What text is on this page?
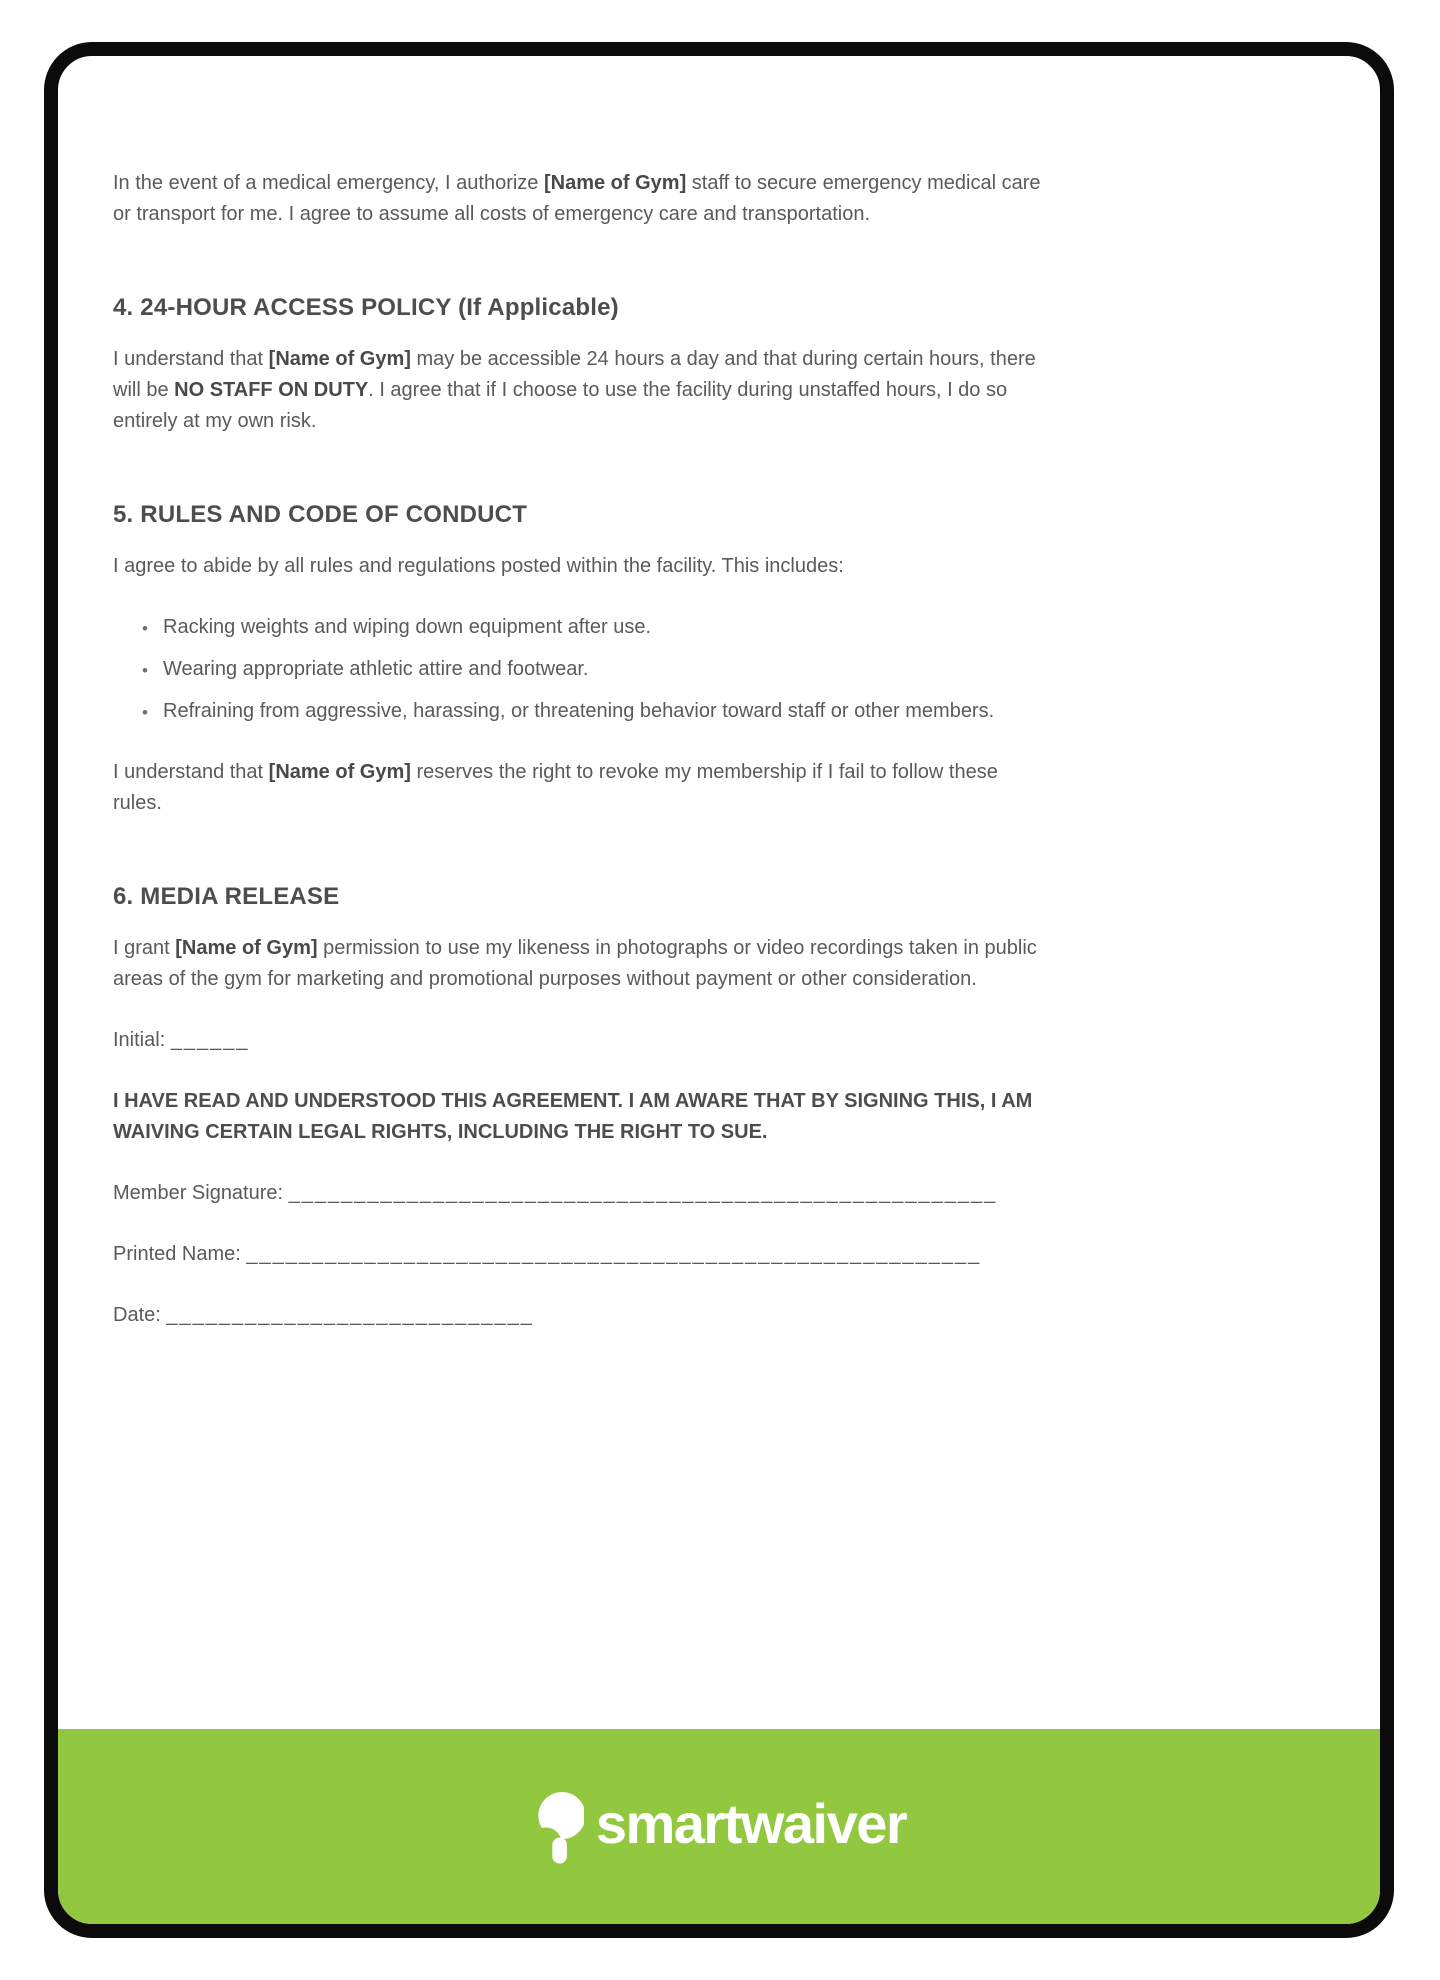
In the event of a medical emergency, I authorize [Name of Gym] staff to secure emergency medical care or transport for me. I agree to assume all costs of emergency care and transportation.

4. 24-HOUR ACCESS POLICY (If Applicable)

I understand that [Name of Gym] may be accessible 24 hours a day and that during certain hours, there will be NO STAFF ON DUTY. I agree that if I choose to use the facility during unstaffed hours, I do so entirely at my own risk.

5. RULES AND CODE OF CONDUCT

I agree to abide by all rules and regulations posted within the facility. This includes:

• Racking weights and wiping down equipment after use.
• Wearing appropriate athletic attire and footwear.
• Refraining from aggressive, harassing, or threatening behavior toward staff or other members.

I understand that [Name of Gym] reserves the right to revoke my membership if I fail to follow these rules.

6. MEDIA RELEASE

I grant [Name of Gym] permission to use my likeness in photographs or video recordings taken in public areas of the gym for marketing and promotional purposes without payment or other consideration.

Initial: ______

I HAVE READ AND UNDERSTOOD THIS AGREEMENT. I AM AWARE THAT BY SIGNING THIS, I AM WAIVING CERTAIN LEGAL RIGHTS, INCLUDING THE RIGHT TO SUE.

Member Signature: ______________________________________________________

Printed Name: ________________________________________________________

Date: ____________________________

smartwaiver
